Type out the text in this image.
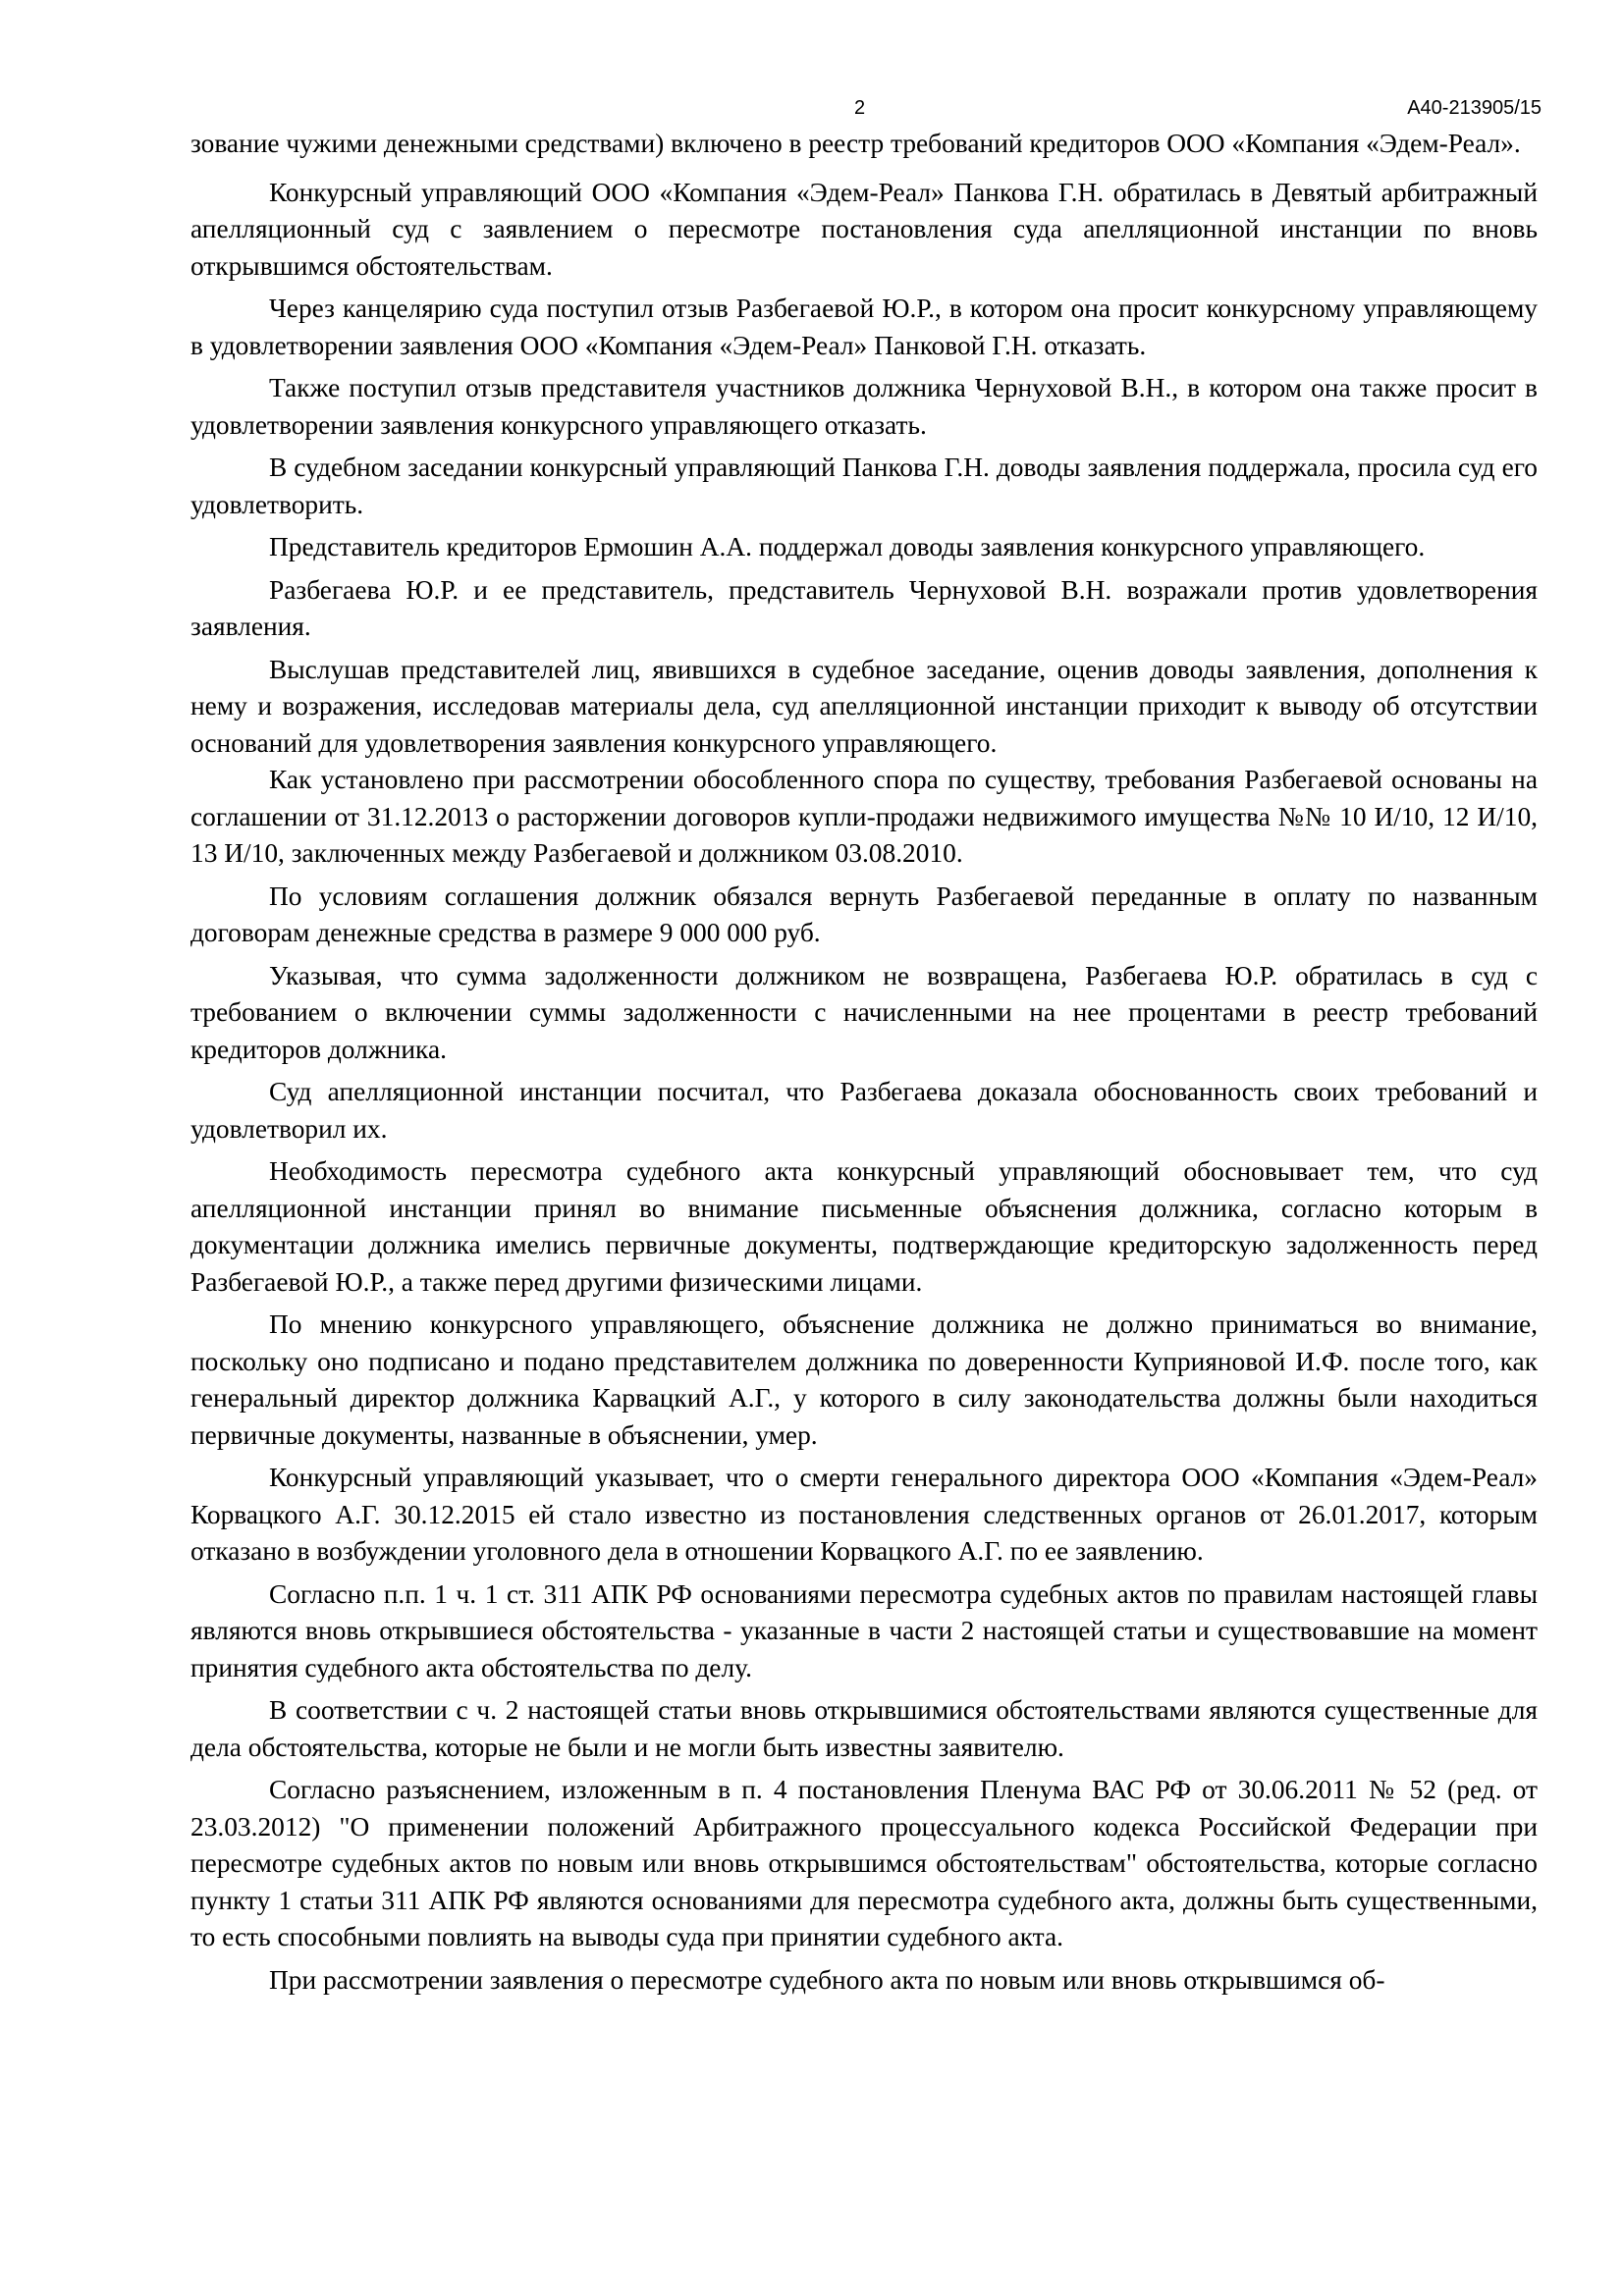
2	А40-213905/15

зование чужими денежными средствами) включено в реестр требований кредиторов ООО «Компания «Эдем-Реал».

Конкурсный управляющий ООО «Компания «Эдем-Реал» Панкова Г.Н. обратилась в Девятый арбитражный апелляционный суд с заявлением о пересмотре постановления суда апелляционной инстанции по вновь открывшимся обстоятельствам.

Через канцелярию суда поступил отзыв Разбегаевой Ю.Р., в котором она просит конкурсному управляющему в удовлетворении заявления ООО «Компания «Эдем-Реал» Панковой Г.Н. отказать.

Также поступил отзыв представителя участников должника Чернуховой В.Н., в котором она также просит в удовлетворении заявления конкурсного управляющего отказать.

В судебном заседании конкурсный управляющий Панкова Г.Н. доводы заявления поддержала, просила суд его удовлетворить.

Представитель кредиторов Ермошин А.А. поддержал доводы заявления конкурсного управляющего.

Разбегаева Ю.Р. и ее представитель, представитель Чернуховой В.Н. возражали против удовлетворения заявления.

Выслушав представителей лиц, явившихся в судебное заседание, оценив доводы заявления, дополнения к нему и возражения, исследовав материалы дела, суд апелляционной инстанции приходит к выводу об отсутствии оснований для удовлетворения заявления конкурсного управляющего.

Как установлено при рассмотрении обособленного спора по существу, требования Разбегаевой основаны на соглашении от 31.12.2013 о расторжении договоров купли-продажи недвижимого имущества №№ 10 И/10, 12 И/10, 13 И/10, заключенных между Разбегаевой и должником 03.08.2010.

По условиям соглашения должник обязался вернуть Разбегаевой переданные в оплату по названным договорам денежные средства в размере 9 000 000 руб.

Указывая, что сумма задолженности должником не возвращена, Разбегаева Ю.Р. обратилась в суд с требованием о включении суммы задолженности с начисленными на нее процентами в реестр требований кредиторов должника.

Суд апелляционной инстанции посчитал, что Разбегаева доказала обоснованность своих требований и удовлетворил их.

Необходимость пересмотра судебного акта конкурсный управляющий обосновывает тем, что суд апелляционной инстанции принял во внимание письменные объяснения должника, согласно которым в документации должника имелись первичные документы, подтверждающие кредиторскую задолженность перед Разбегаевой Ю.Р., а также перед другими физическими лицами.

По мнению конкурсного управляющего, объяснение должника не должно приниматься во внимание, поскольку оно подписано и подано представителем должника по доверенности Куприяновой И.Ф. после того, как генеральный директор должника Карвацкий А.Г., у которого в силу законодательства должны были находиться первичные документы, названные в объяснении, умер.

Конкурсный управляющий указывает, что о смерти генерального директора ООО «Компания «Эдем-Реал» Корвацкого А.Г. 30.12.2015 ей стало известно из постановления следственных органов от 26.01.2017, которым отказано в возбуждении уголовного дела в отношении Корвацкого А.Г. по ее заявлению.

Согласно п.п. 1 ч. 1 ст. 311 АПК РФ основаниями пересмотра судебных актов по правилам настоящей главы являются вновь открывшиеся обстоятельства - указанные в части 2 настоящей статьи и существовавшие на момент принятия судебного акта обстоятельства по делу.

В соответствии с ч. 2 настоящей статьи вновь открывшимися обстоятельствами являются существенные для дела обстоятельства, которые не были и не могли быть известны заявителю.

Согласно разъяснением, изложенным в п. 4 постановления Пленума ВАС РФ от 30.06.2011 № 52 (ред. от 23.03.2012) "О применении положений Арбитражного процессуального кодекса Российской Федерации при пересмотре судебных актов по новым или вновь открывшимся обстоятельствам" обстоятельства, которые согласно пункту 1 статьи 311 АПК РФ являются основаниями для пересмотра судебного акта, должны быть существенными, то есть способными повлиять на выводы суда при принятии судебного акта.

При рассмотрении заявления о пересмотре судебного акта по новым или вновь открывшимся об-
